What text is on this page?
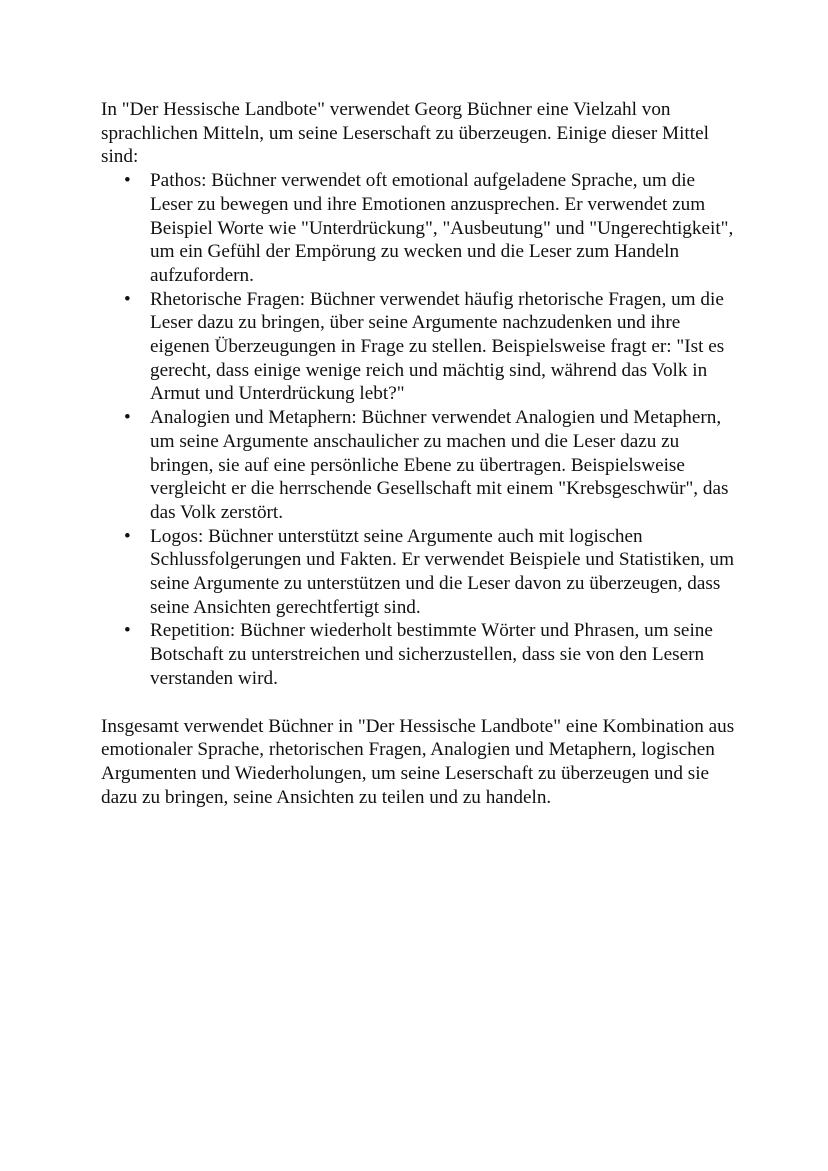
In "Der Hessische Landbote" verwendet Georg Büchner eine Vielzahl von sprachlichen Mitteln, um seine Leserschaft zu überzeugen. Einige dieser Mittel sind:

• Pathos: Büchner verwendet oft emotional aufgeladene Sprache, um die Leser zu bewegen und ihre Emotionen anzusprechen. Er verwendet zum Beispiel Worte wie "Unterdrückung", "Ausbeutung" und "Ungerechtigkeit", um ein Gefühl der Empörung zu wecken und die Leser zum Handeln aufzufordern.
• Rhetorische Fragen: Büchner verwendet häufig rhetorische Fragen, um die Leser dazu zu bringen, über seine Argumente nachzudenken und ihre eigenen Überzeugungen in Frage zu stellen. Beispielsweise fragt er: "Ist es gerecht, dass einige wenige reich und mächtig sind, während das Volk in Armut und Unterdrückung lebt?"
• Analogien und Metaphern: Büchner verwendet Analogien und Metaphern, um seine Argumente anschaulicher zu machen und die Leser dazu zu bringen, sie auf eine persönliche Ebene zu übertragen. Beispielsweise vergleicht er die herrschende Gesellschaft mit einem "Krebsgeschwür", das das Volk zerstört.
• Logos: Büchner unterstützt seine Argumente auch mit logischen Schlussfolgerungen und Fakten. Er verwendet Beispiele und Statistiken, um seine Argumente zu unterstützen und die Leser davon zu überzeugen, dass seine Ansichten gerechtfertigt sind.
• Repetition: Büchner wiederholt bestimmte Wörter und Phrasen, um seine Botschaft zu unterstreichen und sicherzustellen, dass sie von den Lesern verstanden wird.

Insgesamt verwendet Büchner in "Der Hessische Landbote" eine Kombination aus emotionaler Sprache, rhetorischen Fragen, Analogien und Metaphern, logischen Argumenten und Wiederholungen, um seine Leserschaft zu überzeugen und sie dazu zu bringen, seine Ansichten zu teilen und zu handeln.
